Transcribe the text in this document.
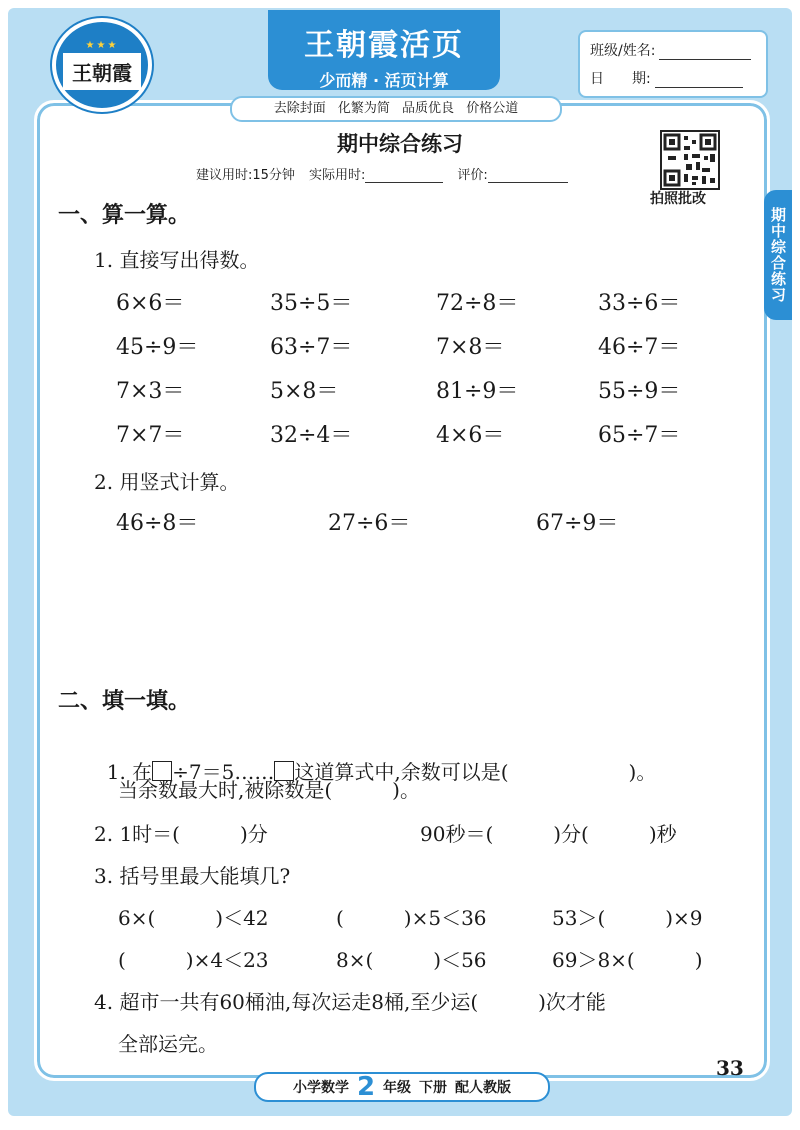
★★★
王朝霞
王朝霞活页
少而精 · 活页计算
班级/姓名:
日　　期:
去除封面 化繁为简 品质优良 价格公道
期中综合练习
建议用时:15分钟 实际用时:	评价:
拍照批改
期中综合练习
一、算一算。
1. 直接写出得数。
6×6＝	35÷5＝	72÷8＝	33÷6＝
45÷9＝	63÷7＝	7×8＝	46÷7＝
7×3＝	5×8＝	81÷9＝	55÷9＝
7×7＝	32÷4＝	4×6＝	65÷7＝
2. 用竖式计算。
46÷8＝	27÷6＝	67÷9＝
二、填一填。

1. 在 ÷7＝5…… 这道算式中,余数可以是(　　　　　　)。

当余数最大时,被除数是(　　　)。
2. 1时＝(　　　)分	90秒＝(　　　)分(　　　)秒
3. 括号里最大能填几?
6×(　　　)＜42	(　　　)×5＜36	53＞(　　　)×9
(　　　)×4＜23	8×(　　　)＜56	69＞8×(　　　)
4. 超市一共有60桶油,每次运走8桶,至少运(　　　)次才能
全部运完。
33
小学数学 2 年级 下册 配人教版
